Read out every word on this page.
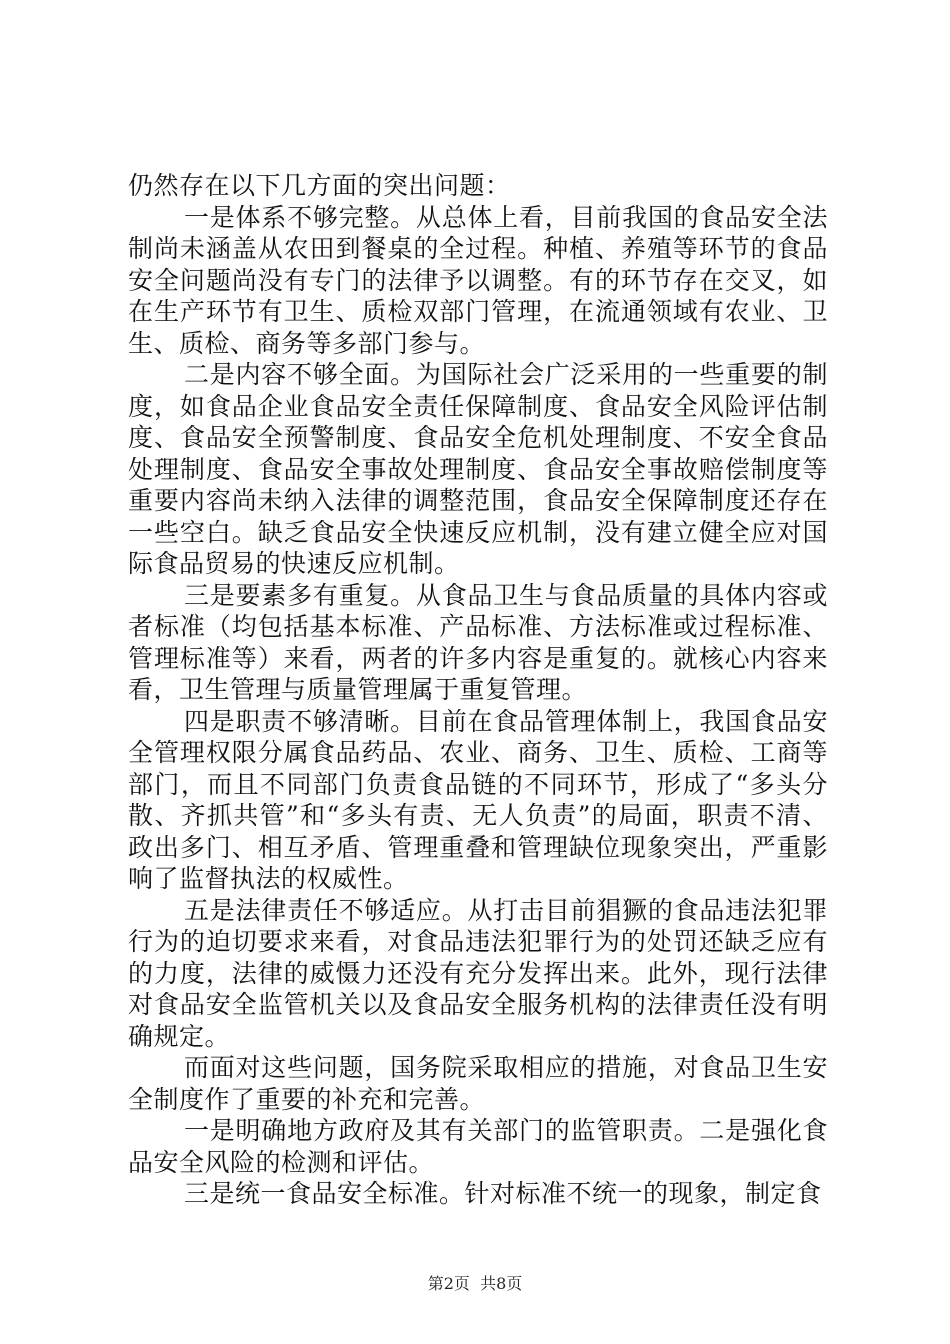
仍然存在以下几方面的突出问题：

一是体系不够完整。从总体上看，目前我国的食品安全法制尚未涵盖从农田到餐桌的全过程。种植、养殖等环节的食品安全问题尚没有专门的法律予以调整。有的环节存在交叉，如在生产环节有卫生、质检双部门管理，在流通领域有农业、卫生、质检、商务等多部门参与。

二是内容不够全面。为国际社会广泛采用的一些重要的制度，如食品企业食品安全责任保障制度、食品安全风险评估制度、食品安全预警制度、食品安全危机处理制度、不安全食品处理制度、食品安全事故处理制度、食品安全事故赔偿制度等重要内容尚未纳入法律的调整范围，食品安全保障制度还存在一些空白。缺乏食品安全快速反应机制，没有建立健全应对国际食品贸易的快速反应机制。

三是要素多有重复。从食品卫生与食品质量的具体内容或者标准（均包括基本标准、产品标准、方法标准或过程标准、管理标准等）来看，两者的许多内容是重复的。就核心内容来看，卫生管理与质量管理属于重复管理。

四是职责不够清晰。目前在食品管理体制上，我国食品安全管理权限分属食品药品、农业、商务、卫生、质检、工商等部门，而且不同部门负责食品链的不同环节，形成了“多头分散、齐抓共管”和“多头有责、无人负责”的局面，职责不清、政出多门、相互矛盾、管理重叠和管理缺位现象突出，严重影响了监督执法的权威性。

五是法律责任不够适应。从打击目前猖獗的食品违法犯罪行为的迫切要求来看，对食品违法犯罪行为的处罚还缺乏应有的力度，法律的威慑力还没有充分发挥出来。此外，现行法律对食品安全监管机关以及食品安全服务机构的法律责任没有明确规定。

而面对这些问题，国务院采取相应的措施，对食品卫生安全制度作了重要的补充和完善。

一是明确地方政府及其有关部门的监管职责。二是强化食品安全风险的检测和评估。

三是统一食品安全标准。针对标准不统一的现象，制定食

第2页  共8页
